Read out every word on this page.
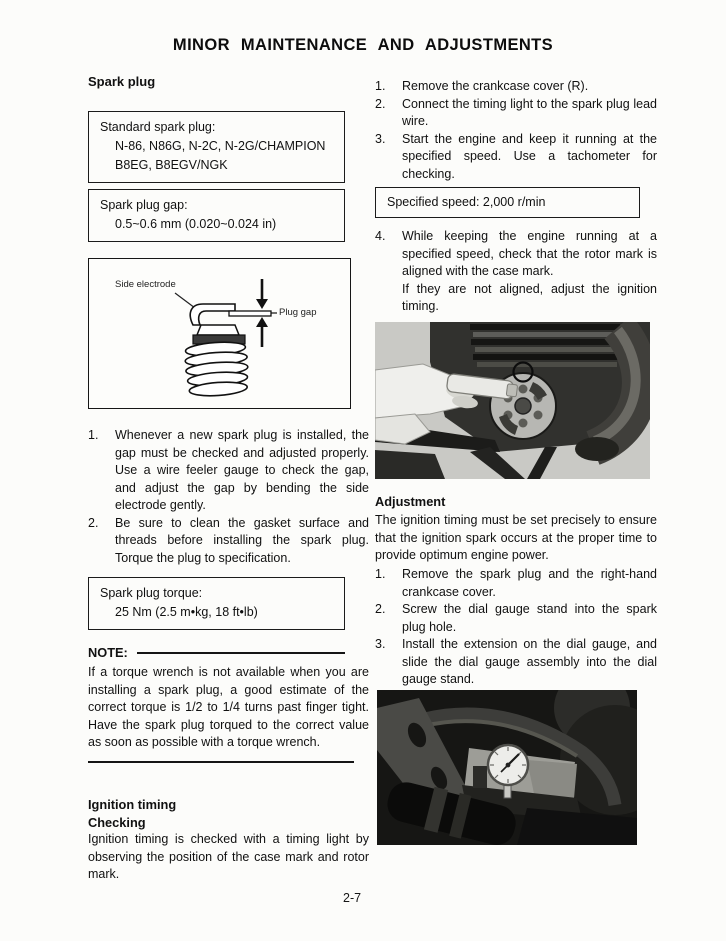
MINOR MAINTENANCE AND ADJUSTMENTS
Spark plug
Standard spark plug:
N-86, N86G, N-2C, N-2G/CHAMPION
B8EG, B8EGV/NGK
Spark plug gap:
0.5~0.6 mm (0.020~0.024 in)
Side electrode
Plug gap
1.	Whenever a new spark plug is installed, the gap must be checked and adjusted properly. Use a wire feeler gauge to check the gap, and adjust the gap by bending the side electrode gently.
2.	Be sure to clean the gasket surface and threads before installing the spark plug. Torque the plug to specification.
Spark plug torque:
25 Nm (2.5 m•kg, 18 ft•lb)
NOTE:

If a torque wrench is not available when you are installing a spark plug, a good estimate of the correct torque is 1/2 to 1/4 turns past finger tight. Have the spark plug torqued to the correct value as soon as possible with a torque wrench.

Ignition timing
Checking

Ignition timing is checked with a timing light by observing the position of the case mark and rotor mark.

1.	Remove the crankcase cover (R).
2.	Connect the timing light to the spark plug lead wire.
3.	Start the engine and keep it running at the specified speed. Use a tachometer for checking.
Specified speed: 2,000 r/min
4.	While keeping the engine running at a specified speed, check that the rotor mark is aligned with the case mark.
If they are not aligned, adjust the ignition timing.
Adjustment

The ignition timing must be set precisely to ensure that the ignition spark occurs at the proper time to provide optimum engine power.

1.	Remove the spark plug and the right-hand crankcase cover.
2.	Screw the dial gauge stand into the spark plug hole.
3.	Install the extension on the dial gauge, and slide the dial gauge assembly into the dial gauge stand.
2-7
